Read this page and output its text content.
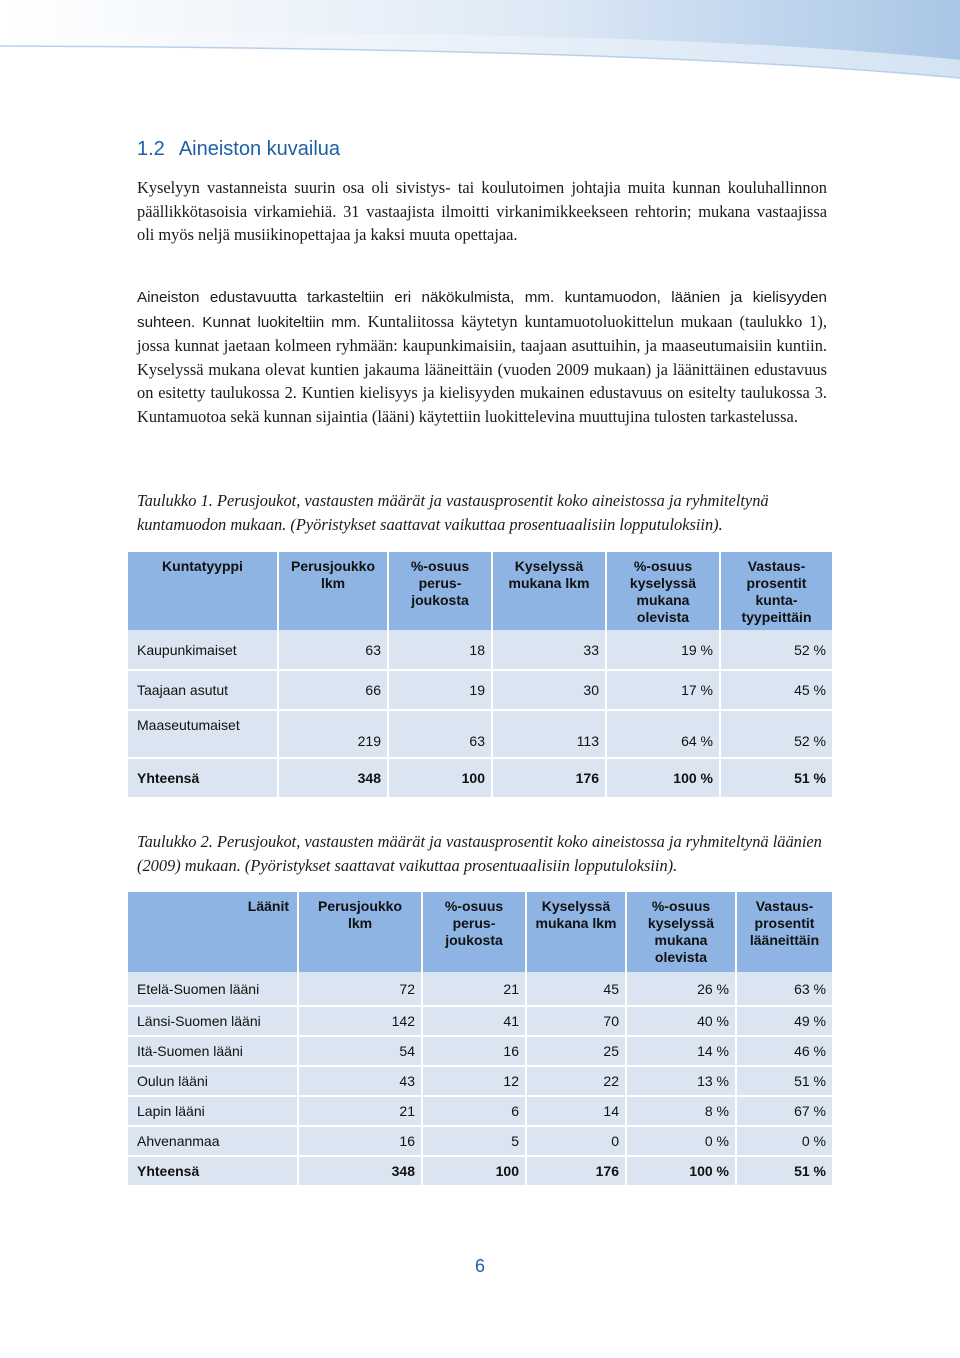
1.2 Aineiston kuvailua

Kyselyyn vastanneista suurin osa oli sivistys- tai koulutoimen johtajia muita kunnan kouluhallinnon päällikkötasoisia virkamiehiä. 31 vastaajista ilmoitti virkanimikkeekseen rehtorin; mukana vastaajissa oli myös neljä musiikinopettajaa ja kaksi muuta opettajaa.

Aineiston edustavuutta tarkasteltiin eri näkökulmista, mm. kuntamuodon, läänien ja kielisyyden suhteen. Kunnat luokiteltiin mm. Kuntaliitossa käytetyn kuntamuotoluokittelun mukaan (taulukko 1), jossa kunnat jaetaan kolmeen ryhmään: kaupunkimaisiin, taajaan asuttuihin, ja maaseutumaisiin kuntiin. Kyselyssä mukana olevat kuntien jakauma lääneittäin (vuoden 2009 mukaan) ja läänittäinen edustavuus on esitetty taulukossa 2. Kuntien kielisyys ja kielisyyden mukainen edustavuus on esitelty taulukossa 3. Kuntamuotoa sekä kunnan sijaintia (lääni) käytettiin luokittelevina muuttujina tulosten tarkastelussa.

Taulukko 1. Perusjoukot, vastausten määrät ja vastausprosentit koko aineistossa ja ryhmiteltynä kuntamuodon mukaan. (Pyöristykset saattavat vaikuttaa prosentuaalisiin lopputuloksiin).

Kuntatyyppi	Perusjoukko lkm	%-osuus perus-joukosta	Kyselyssä mukana lkm	%-osuus kyselyssä mukana olevista	Vastaus-prosentit kunta-tyypeittäin
Kaupunkimaiset	63	18	33	19 %	52 %
Taajaan asutut	66	19	30	17 %	45 %
Maaseutumaiset	219	63	113	64 %	52 %
Yhteensä	348	100	176	100 %	51 %

Taulukko 2. Perusjoukot, vastausten määrät ja vastausprosentit koko aineistossa ja ryhmiteltynä läänien (2009) mukaan. (Pyöristykset saattavat vaikuttaa prosentuaalisiin lopputuloksiin).

Läänit	Perusjoukko lkm	%-osuus perus-joukosta	Kyselyssä mukana lkm	%-osuus kyselyssä mukana olevista	Vastaus-prosentit lääneittäin
Etelä-Suomen lääni	72	21	45	26 %	63 %
Länsi-Suomen lääni	142	41	70	40 %	49 %
Itä-Suomen lääni	54	16	25	14 %	46 %
Oulun lääni	43	12	22	13 %	51 %
Lapin lääni	21	6	14	8 %	67 %
Ahvenanmaa	16	5	0	0 %	0 %
Yhteensä	348	100	176	100 %	51 %
6
